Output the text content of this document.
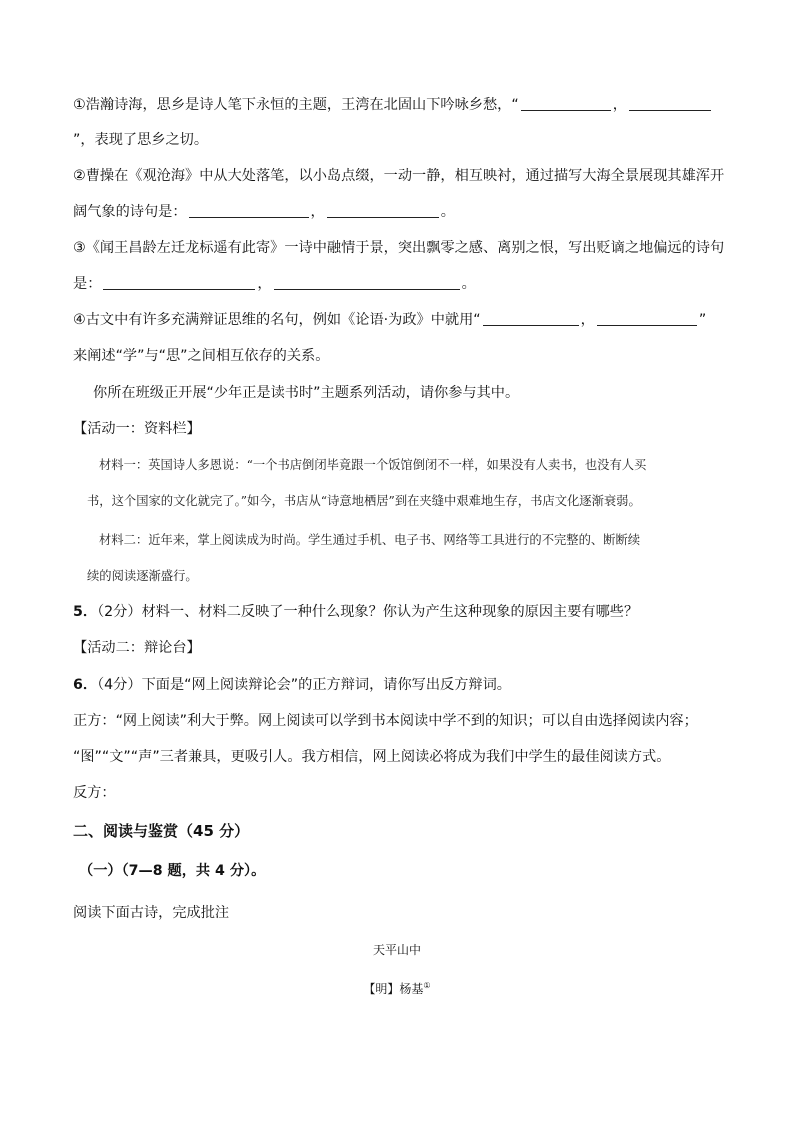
①浩瀚诗海，思乡是诗人笔下永恒的主题，王湾在北固山下吟咏乡愁，“	，
”，表现了思乡之切。
②曹操在《观沧海》中从大处落笔，以小岛点缀，一动一静，相互映衬，通过描写大海全景展现其雄浑开
阔气象的诗句是：	，	。
③《闻王昌龄左迁龙标遥有此寄》一诗中融情于景，突出飘零之感、离别之恨，写出贬谪之地偏远的诗句
是：	，	。
④古文中有许多充满辩证思维的名句，例如《论语·为政》中就用“	，	”
来阐述“学”与“思”之间相互依存的关系。
你所在班级正开展“少年正是读书时”主题系列活动，请你参与其中。
【活动一：资料栏】
材料一：英国诗人多恩说：“一个书店倒闭毕竟跟一个饭馆倒闭不一样，如果没有人卖书，也没有人买
书，这个国家的文化就完了。”如今，书店从“诗意地栖居”到在夹缝中艰难地生存，书店文化逐渐衰弱。
材料二：近年来，掌上阅读成为时尚。学生通过手机、电子书、网络等工具进行的不完整的、断断续
续的阅读逐渐盛行。
5．（2分）材料一、材料二反映了一种什么现象？你认为产生这种现象的原因主要有哪些？
【活动二：辩论台】
6．（4分）下面是“网上阅读辩论会”的正方辩词，请你写出反方辩词。
正方：“网上阅读”利大于弊。网上阅读可以学到书本阅读中学不到的知识；可以自由选择阅读内容；
“图”“文”“声”三者兼具，更吸引人。我方相信，网上阅读必将成为我们中学生的最佳阅读方式。
反方：
二、阅读与鉴赏（45 分）
（一）（7—8 题，共 4 分）。
阅读下面古诗，完成批注
天平山中
【明】杨基①
